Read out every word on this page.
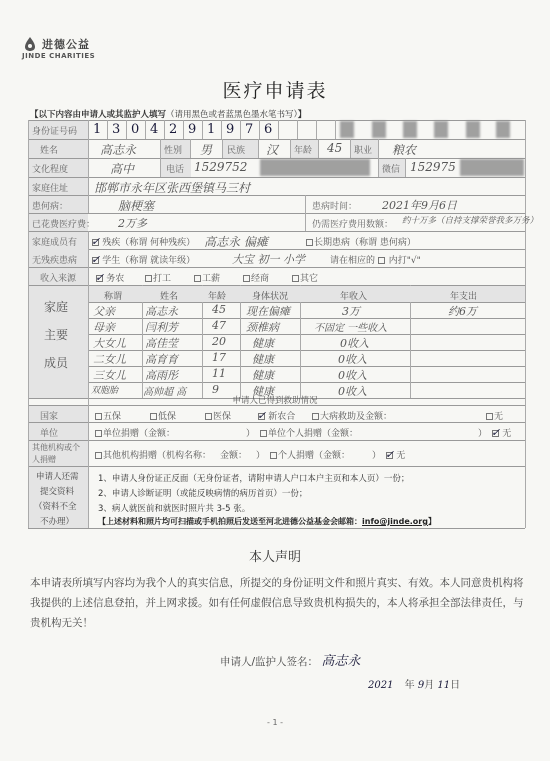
进德公益
JINDE CHARITIES
医疗申请表
【以下内容由申请人或其监护人填写（请用黑色或者蓝黑色墨水笔书写）】
身份证号码 1 3 0 4 2 9 1 9 7 6
姓名	高志永	性别 男 民族 汉 年龄 45 职业 粮农
文化程度	高中	电话 1529752	微信 152975
家庭住址 邯郸市永年区张西堡镇马三村
患何病：	脑梗塞	患病时间： 2021年9月6日
已花费医疗费： 2万多	仍需医疗费用数额： 约十万多（自持支撑荣誉我多万务）
家庭成员有 ✓ 残疾（称谓 何种残疾） 高志永 偏瘫	长期患病（称谓 患何病）
无残疾患病 ✓ 学生（称谓 就读年级）	大宝 初一 小学	请在相应的 内打"√"
收入来源 ✓ 务农	打工	工薪	经商	其它
家庭
主要
成员
称谓	姓名	年龄	身体状况	年收入	年支出
父亲	高志永	45 现在偏瘫	3万	约6万
母亲	闫利芳	47 颈椎病	不固定 一些收入
大女儿 高佳莹	20 健康	0收入
二女儿 高育育	17 健康	0收入
三女儿 高雨彤	11 健康	0收入
双胞胎 高帅超 高 9	健康	0收入
申请人已得到救助情况
国家	五保	低保	医保 ✓ 新农合	大病救助及金额：	无
单位	单位捐赠（金额：	）	单位个人捐赠（金额：	） ✓ 无
其他机构或个
人捐赠	其他机构捐赠（机构名称： 金额： ）	个人捐赠（金额： ） ✓ 无
申请人还需
提交资料
（资料不全
不办理）
1、申请人身份证正反面（无身份证者，请附申请人户口本户主页和本人页）一份；
2、申请人诊断证明（或能反映病情的病历首页）一份；
3、病人就医前和就医时照片共 3-5 张。
【上述材料和照片均可扫描或手机拍照后发送至河北进德公益基金会邮箱：info@jinde.org】
本人声明
本申请表所填写内容均为我个人的真实信息，所提交的身份证明文件和照片真实、有效。本人同意贵机构将我提供的上述信息登拍，并上网求援。如有任何虚假信息导致贵机构损失的，本人将承担全部法律责任，与贵机构无关！
申请人/监护人签名： 高志永
2021 年 9月 11日
- 1 -
